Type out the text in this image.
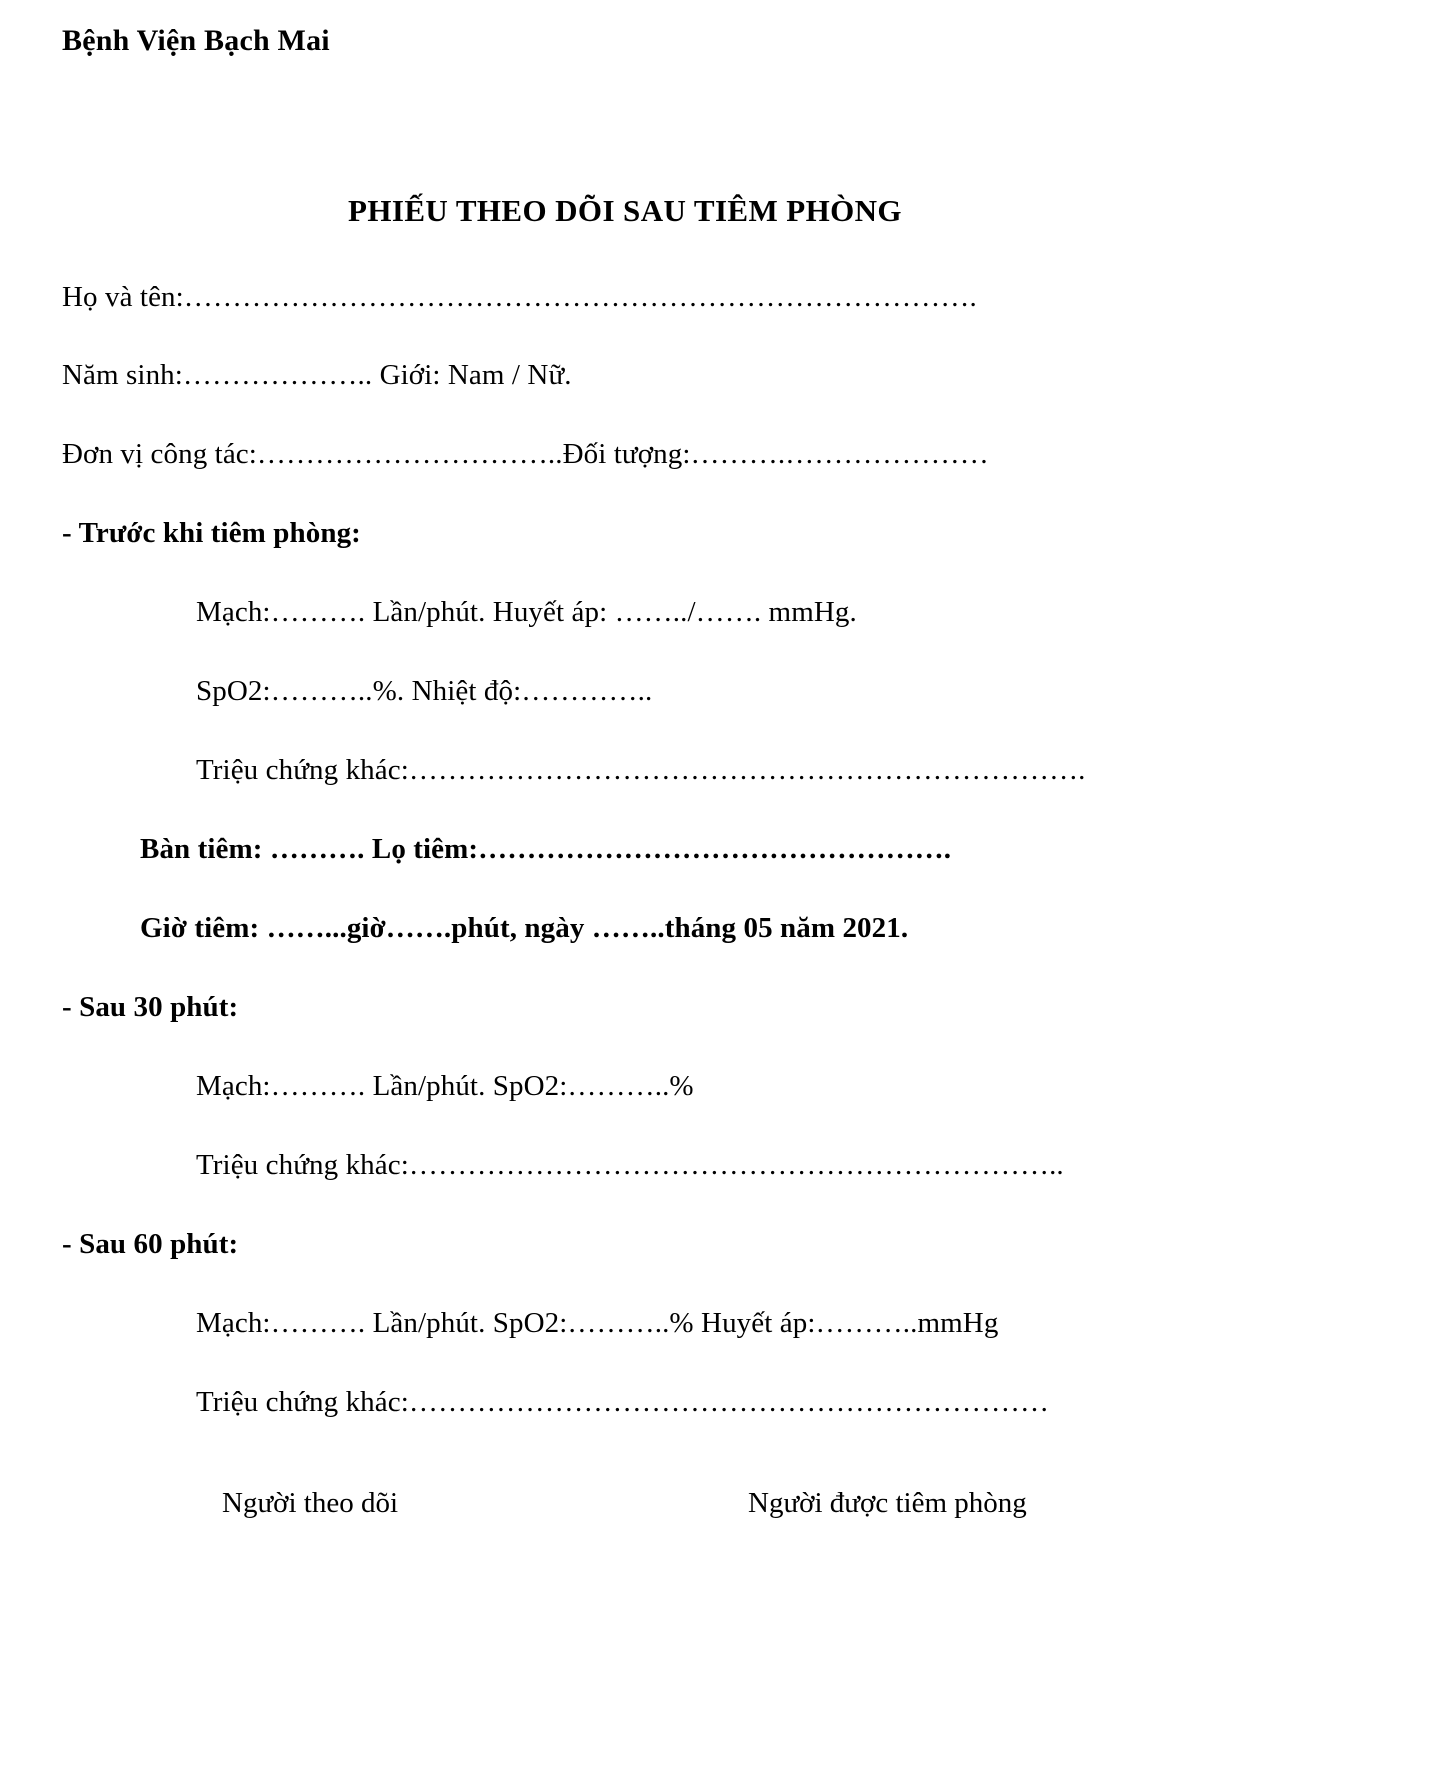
Bệnh Viện Bạch Mai
PHIẾU THEO DÕI SAU TIÊM PHÒNG
Họ và tên:……………………………………………………………………….
Năm sinh:……………….. Giới: Nam / Nữ.
Đơn vị công tác:…………………………..Đối tượng:……….…………………
- Trước khi tiêm phòng:
Mạch:………. Lần/phút. Huyết áp: ……../……. mmHg.
SpO2:………..%. Nhiệt độ:…………..
Triệu chứng khác:…………………………………………………………….
Bàn tiêm: ………. Lọ tiêm:………………………………………….
Giờ tiêm: ……...giờ…….phút, ngày ……..tháng 05 năm 2021.
- Sau 30 phút:
Mạch:………. Lần/phút. SpO2:………..%
Triệu chứng khác:…………………………………………………………..
- Sau 60 phút:
Mạch:………. Lần/phút. SpO2:………..% Huyết áp:………..mmHg
Triệu chứng khác:…………………………………………………………
Người theo dõi	Người được tiêm phòng
